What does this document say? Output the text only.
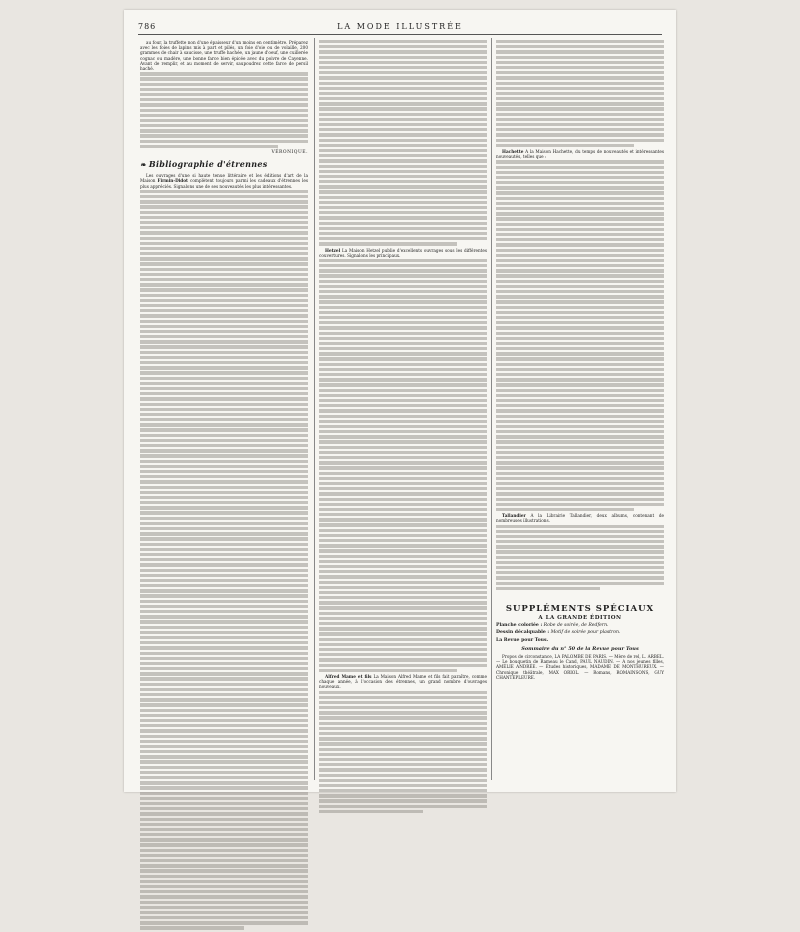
786	LA MODE ILLUSTRÉE

au four, la truffette non d'une épaisseur d'un moins en centimètre. Préparez avec les foies de lapins mis à part et pilés, un foie d'oie ou de volaille, 200 grammes de chair à saucisse, une truffe hachée, un jaune d'oeuf, une cuillerée cognac ou madère, une bonne farce bien épicée avec du poivre de Cayenne. Avant de remplir, et au moment de servir, saupoudrez cette farce de persil haché.

VÉRONIQUE.
❧ Bibliographie d'étrennes

Les ouvrages d'une si haute tenue littéraire et les éditions d'art de la Maison Firmin-Didot complètent toujours parmi les cadeaux d'étrennes les plus appréciés. Signalons une de ses nouveautés les plus intéressantes.

Hetzel La Maison Hetzel publie d'excellents ouvrages sous les différentes couvertures. Signalons les principaux.

Alfred Mame et fils La Maison Alfred Mame et fils fait paraître, comme chaque année, à l'occasion des étrennes, un grand nombre d'ouvrages nouveaux.

Hachette A la Maison Hachette, du temps de nouveautés et intéressantes nouveautés, telles que :

Tallandier A la Librairie Tallandier, deux albums, contenant de nombreuses illustrations.

SUPPLÉMENTS SPÉCIAUX
A LA GRANDE ÉDITION
Planche coloriée : Robe de soirée, de Redfern.
Dessin décalquable : Motif de soirée pour plastron.
La Revue pour Tous.
Sommaire du n° 50 de la Revue pour Tous

Propos de circonstance, LA PALOMBE DE PARIS. — Mère de rel, L. ARBEL. — Le bouquetin de Rameau le Cand, PAUL NAUDIN. — A nos jeunes filles, AMÉLIE ANDRÉE. — Études historiques, MADAME DE MONTHUREUX. — Chronique théâtrale, MAX ORIOL. — Romans, ROMAINSONS, GUY CHANTEPLEURE.
